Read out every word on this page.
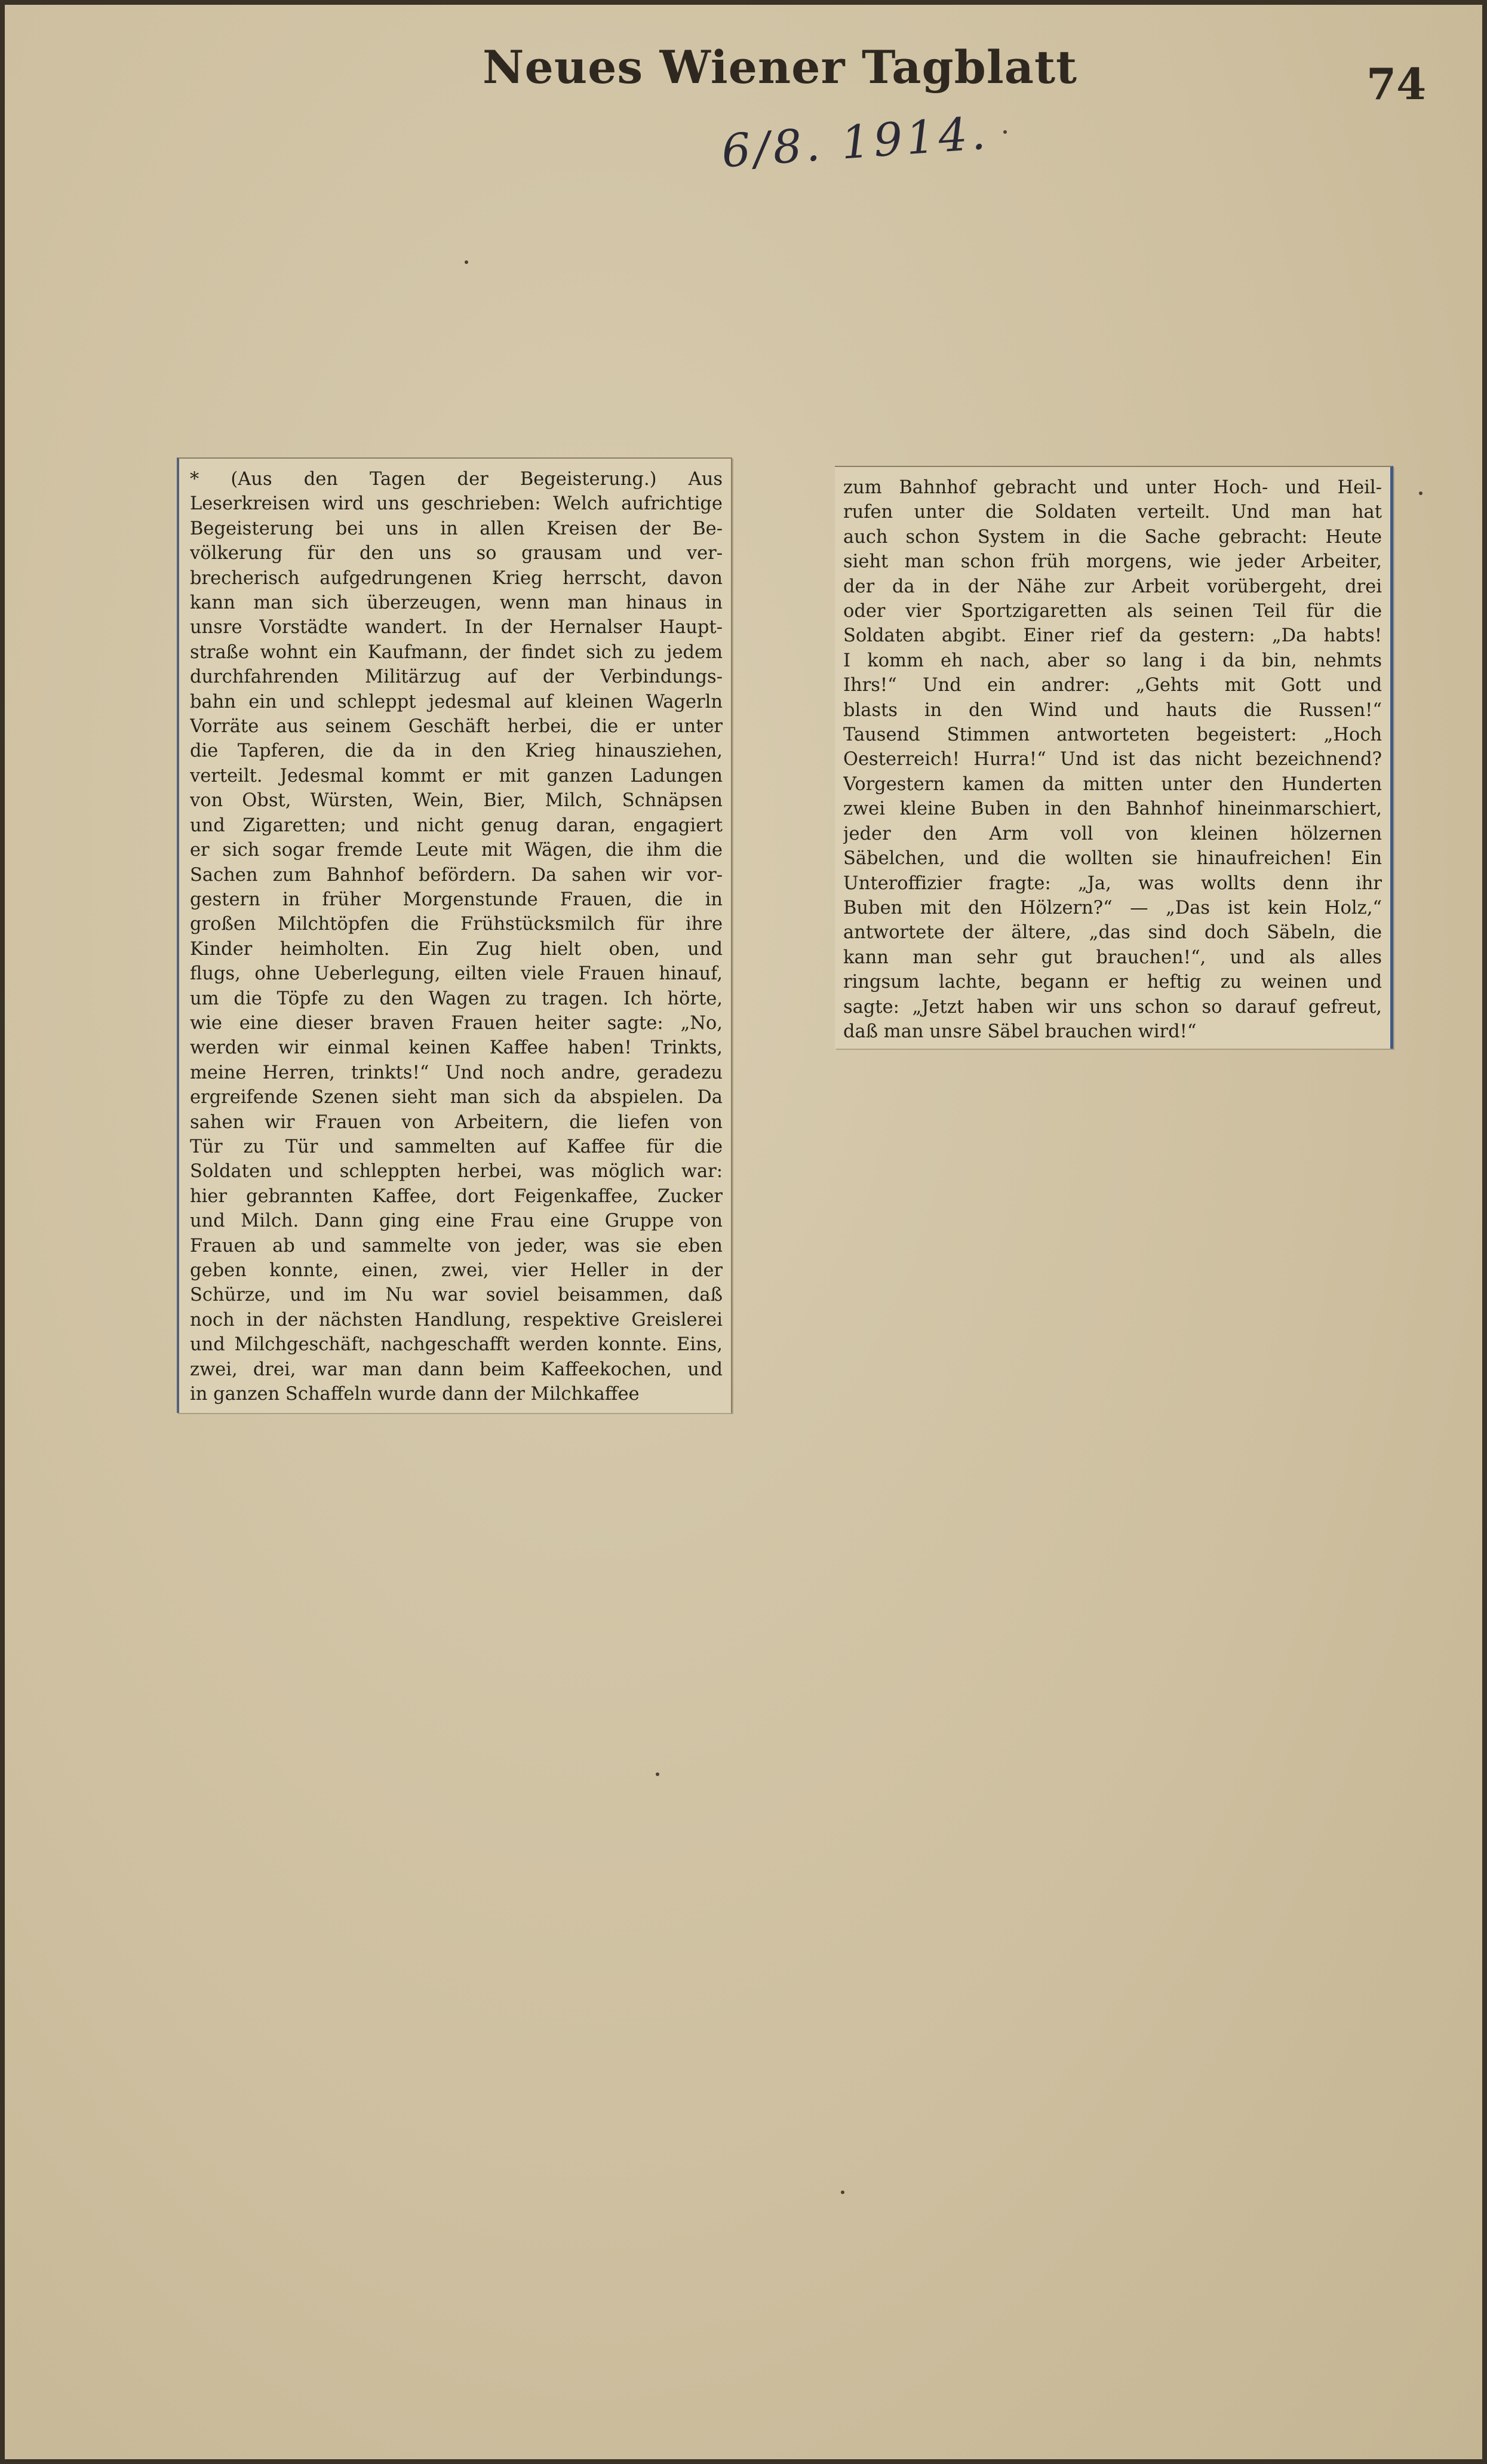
Neues Wiener Tagblatt	74
6/8. 1914.
* (Aus den Tagen der Begeisterung.) Aus
Leserkreisen wird uns geschrieben: Welch aufrichtige
Begeisterung bei uns in allen Kreisen der Be-
völkerung für den uns so grausam und ver-
brecherisch aufgedrungenen Krieg herrscht, davon
kann man sich überzeugen, wenn man hinaus in
unsre Vorstädte wandert. In der Hernalser Haupt-
straße wohnt ein Kaufmann, der findet sich zu jedem
durchfahrenden Militärzug auf der Verbindungs-
bahn ein und schleppt jedesmal auf kleinen Wagerln
Vorräte aus seinem Geschäft herbei, die er unter
die Tapferen, die da in den Krieg hinausziehen,
verteilt. Jedesmal kommt er mit ganzen Ladungen
von Obst, Würsten, Wein, Bier, Milch, Schnäpsen
und Zigaretten; und nicht genug daran, engagiert
er sich sogar fremde Leute mit Wägen, die ihm die
Sachen zum Bahnhof befördern. Da sahen wir vor-
gestern in früher Morgenstunde Frauen, die in
großen Milchtöpfen die Frühstücksmilch für ihre
Kinder heimholten. Ein Zug hielt oben, und
flugs, ohne Ueberlegung, eilten viele Frauen hinauf,
um die Töpfe zu den Wagen zu tragen. Ich hörte,
wie eine dieser braven Frauen heiter sagte: „No,
werden wir einmal keinen Kaffee haben! Trinkts,
meine Herren, trinkts!“ Und noch andre, geradezu
ergreifende Szenen sieht man sich da abspielen. Da
sahen wir Frauen von Arbeitern, die liefen von
Tür zu Tür und sammelten auf Kaffee für die
Soldaten und schleppten herbei, was möglich war:
hier gebrannten Kaffee, dort Feigenkaffee, Zucker
und Milch. Dann ging eine Frau eine Gruppe von
Frauen ab und sammelte von jeder, was sie eben
geben konnte, einen, zwei, vier Heller in der
Schürze, und im Nu war soviel beisammen, daß
noch in der nächsten Handlung, respektive Greislerei
und Milchgeschäft, nachgeschafft werden konnte. Eins,
zwei, drei, war man dann beim Kaffeekochen, und
in ganzen Schaffeln wurde dann der Milchkaffee
zum Bahnhof gebracht und unter Hoch- und Heil-
rufen unter die Soldaten verteilt. Und man hat
auch schon System in die Sache gebracht: Heute
sieht man schon früh morgens, wie jeder Arbeiter,
der da in der Nähe zur Arbeit vorübergeht, drei
oder vier Sportzigaretten als seinen Teil für die
Soldaten abgibt. Einer rief da gestern: „Da habts!
I komm eh nach, aber so lang i da bin, nehmts
Ihrs!“ Und ein andrer: „Gehts mit Gott und
blasts in den Wind und hauts die Russen!“
Tausend Stimmen antworteten begeistert: „Hoch
Oesterreich! Hurra!“ Und ist das nicht bezeichnend?
Vorgestern kamen da mitten unter den Hunderten
zwei kleine Buben in den Bahnhof hineinmarschiert,
jeder den Arm voll von kleinen hölzernen
Säbelchen, und die wollten sie hinaufreichen! Ein
Unteroffizier fragte: „Ja, was wollts denn ihr
Buben mit den Hölzern?“ — „Das ist kein Holz,“
antwortete der ältere, „das sind doch Säbeln, die
kann man sehr gut brauchen!“, und als alles
ringsum lachte, begann er heftig zu weinen und
sagte: „Jetzt haben wir uns schon so darauf gefreut,
daß man unsre Säbel brauchen wird!“
